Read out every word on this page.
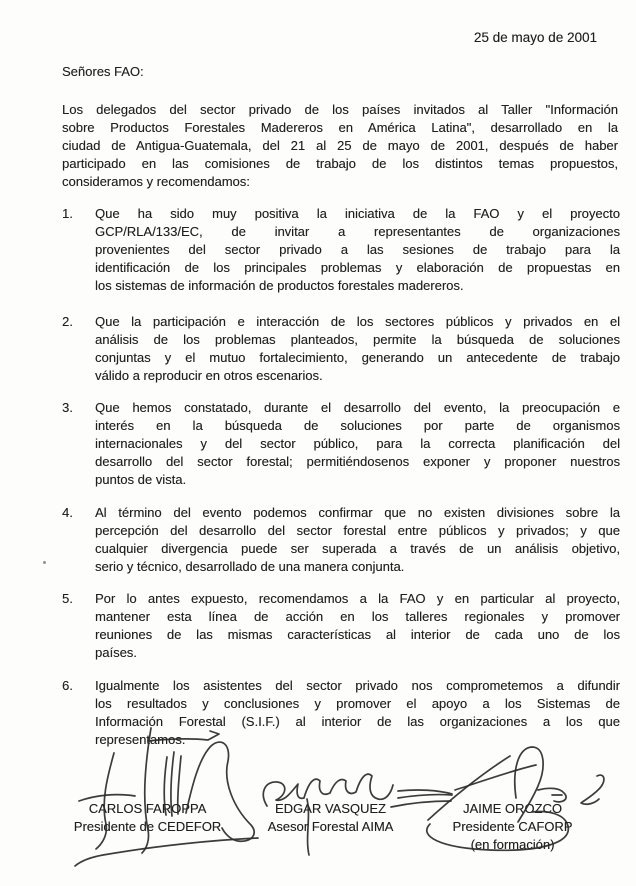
25 de mayo de 2001
Señores FAO:
Los delegados del sector privado de los países invitados al Taller "Información
sobre Productos Forestales Madereros en América Latina", desarrollado en la
ciudad de Antigua-Guatemala, del 21 al 25 de mayo de 2001, después de haber
participado en las comisiones de trabajo de los distintos temas propuestos,
consideramos y recomendamos:
1. Que ha sido muy positiva la iniciativa de la FAO y el proyecto
GCP/RLA/133/EC, de invitar a representantes de organizaciones
provenientes del sector privado a las sesiones de trabajo para la
identificación de los principales problemas y elaboración de propuestas en
los sistemas de información de productos forestales madereros.
2. Que la participación e interacción de los sectores públicos y privados en el
análisis de los problemas planteados, permite la búsqueda de soluciones
conjuntas y el mutuo fortalecimiento, generando un antecedente de trabajo
válido a reproducir en otros escenarios.
3. Que hemos constatado, durante el desarrollo del evento, la preocupación e
interés en la búsqueda de soluciones por parte de organismos
internacionales y del sector público, para la correcta planificación del
desarrollo del sector forestal; permitiéndosenos exponer y proponer nuestros
puntos de vista.
4. Al término del evento podemos confirmar que no existen divisiones sobre la
percepción del desarrollo del sector forestal entre públicos y privados; y que
cualquier divergencia puede ser superada a través de un análisis objetivo,
serio y técnico, desarrollado de una manera conjunta.
5. Por lo antes expuesto, recomendamos a la FAO y en particular al proyecto,
mantener esta línea de acción en los talleres regionales y promover
reuniones de las mismas características al interior de cada uno de los
países.
6. Igualmente los asistentes del sector privado nos comprometemos a difundir
los resultados y conclusiones y promover el apoyo a los Sistemas de
Información Forestal (S.I.F.) al interior de las organizaciones a los que
representamos.
CARLOS FAROPPA
Presidente de CEDEFOR
EDGAR VASQUEZ
Asesor Forestal AIMA
JAIME OROZCO
Presidente CAFORP
(en formación)
